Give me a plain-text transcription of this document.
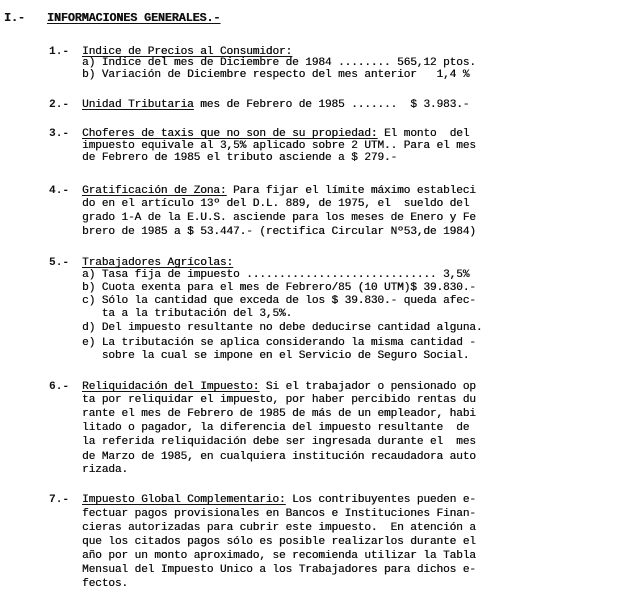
I.- INFORMACIONES GENERALES.-
1.- Indice de Precios al Consumidor:
a) Indice del mes de Diciembre de 1984 ........ 565,12 ptos.
b) Variación de Diciembre respecto del mes anterior   1,4 %
2.- Unidad Tributaria mes de Febrero de 1985 .......  $ 3.983.-
3.- Choferes de taxis que no son de su propiedad: El monto  del
impuesto equivale al 3,5% aplicado sobre 2 UTM.. Para el mes
de Febrero de 1985 el tributo asciende a $ 279.-
4.- Gratificación de Zona: Para fijar el límite máximo estableci
do en el artículo 13º del D.L. 889, de 1975, el  sueldo del
grado 1-A de la E.U.S. asciende para los meses de Enero y Fe
brero de 1985 a $ 53.447.- (rectifica Circular Nº53,de 1984)
5.- Trabajadores Agrícolas:
a) Tasa fija de impuesto ............................. 3,5%
b) Cuota exenta para el mes de Febrero/85 (10 UTM)$ 39.830.-
c) Sólo la cantidad que exceda de los $ 39.830.- queda afec-
ta a la tributación del 3,5%.
d) Del impuesto resultante no debe deducirse cantidad alguna.
e) La tributación se aplica considerando la misma cantidad -
sobre la cual se impone en el Servicio de Seguro Social.
6.- Reliquidación del Impuesto: Si el trabajador o pensionado op
ta por reliquidar el impuesto, por haber percibido rentas du
rante el mes de Febrero de 1985 de más de un empleador, habi
litado o pagador, la diferencia del impuesto resultante  de
la referida reliquidación debe ser ingresada durante el  mes
de Marzo de 1985, en cualquiera institución recaudadora auto
rizada.
7.- Impuesto Global Complementario: Los contribuyentes pueden e-
fectuar pagos provisionales en Bancos e Instituciones Finan-
cieras autorizadas para cubrir este impuesto.  En atención a
que los citados pagos sólo es posible realizarlos durante el
año por un monto aproximado, se recomienda utilizar la Tabla
Mensual del Impuesto Unico a los Trabajadores para dichos e-
fectos.
